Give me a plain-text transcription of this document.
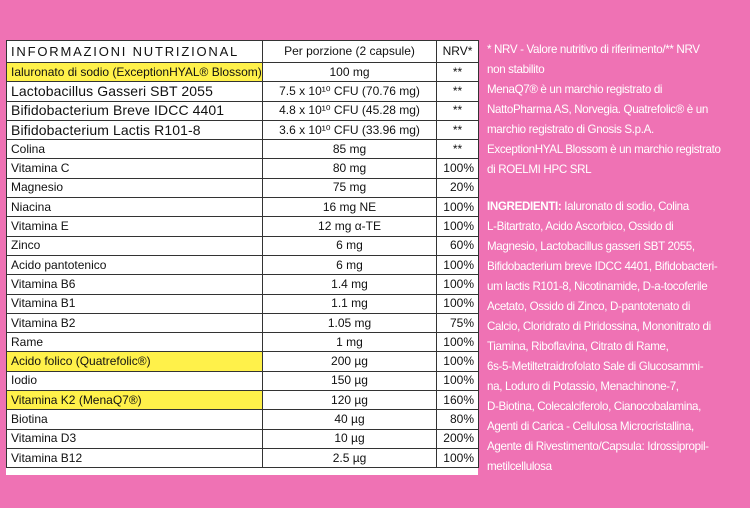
INFORMAZIONI NUTRIZIONAL	Per porzione (2 capsule)	NRV*
Ialuronato di sodio (ExceptionHYAL® Blossom)	100 mg	**
Lactobacillus Gasseri SBT 2055	7.5 x 10¹⁰ CFU (70.76 mg)	**
Bifidobacterium Breve IDCC 4401	4.8 x 10¹⁰ CFU (45.28 mg)	**
Bifidobacterium Lactis R101-8	3.6 x 10¹⁰ CFU (33.96 mg)	**
Colina	85 mg	**
Vitamina C	80 mg	100%
Magnesio	75 mg	20%
Niacina	16 mg NE	100%
Vitamina E	12 mg α-TE	100%
Zinco	6 mg	60%
Acido pantotenico	6 mg	100%
Vitamina B6	1.4 mg	100%
Vitamina B1	1.1 mg	100%
Vitamina B2	1.05 mg	75%
Rame	1 mg	100%
Acido folico (Quatrefolic®)	200 µg	100%
Iodio	150 µg	100%
Vitamina K2 (MenaQ7®)	120 µg	160%
Biotina	40 µg	80%
Vitamina D3	10 µg	200%
Vitamina B12	2.5 µg	100%

* NRV - Valore nutritivo di riferimento/** NRV

non stabilito

MenaQ7® è un marchio registrato di

NattoPharma AS, Norvegia. Quatrefolic® è un

marchio registrato di Gnosis S.p.A.

ExceptionHYAL Blossom è un marchio registrato

di ROELMI HPC SRL

INGREDIENTI: Ialuronato di sodio, Colina

L-Bitartrato, Acido Ascorbico, Ossido di

Magnesio, Lactobacillus gasseri SBT 2055,

Bifidobacterium breve IDCC 4401, Bifidobacteri-

um lactis R101-8, Nicotinamide, D-a-tocoferile

Acetato, Ossido di Zinco, D-pantotenato di

Calcio, Cloridrato di Piridossina, Mononitrato di

Tiamina, Riboflavina, Citrato di Rame,

6s-5-Metiltetraidrofolato Sale di Glucosammi-

na, Loduro di Potassio, Menachinone-7,

D-Biotina, Colecalciferolo, Cianocobalamina,

Agenti di Carica - Cellulosa Microcristallina,

Agente di Rivestimento/Capsula: Idrossipropil-

metilcellulosa
